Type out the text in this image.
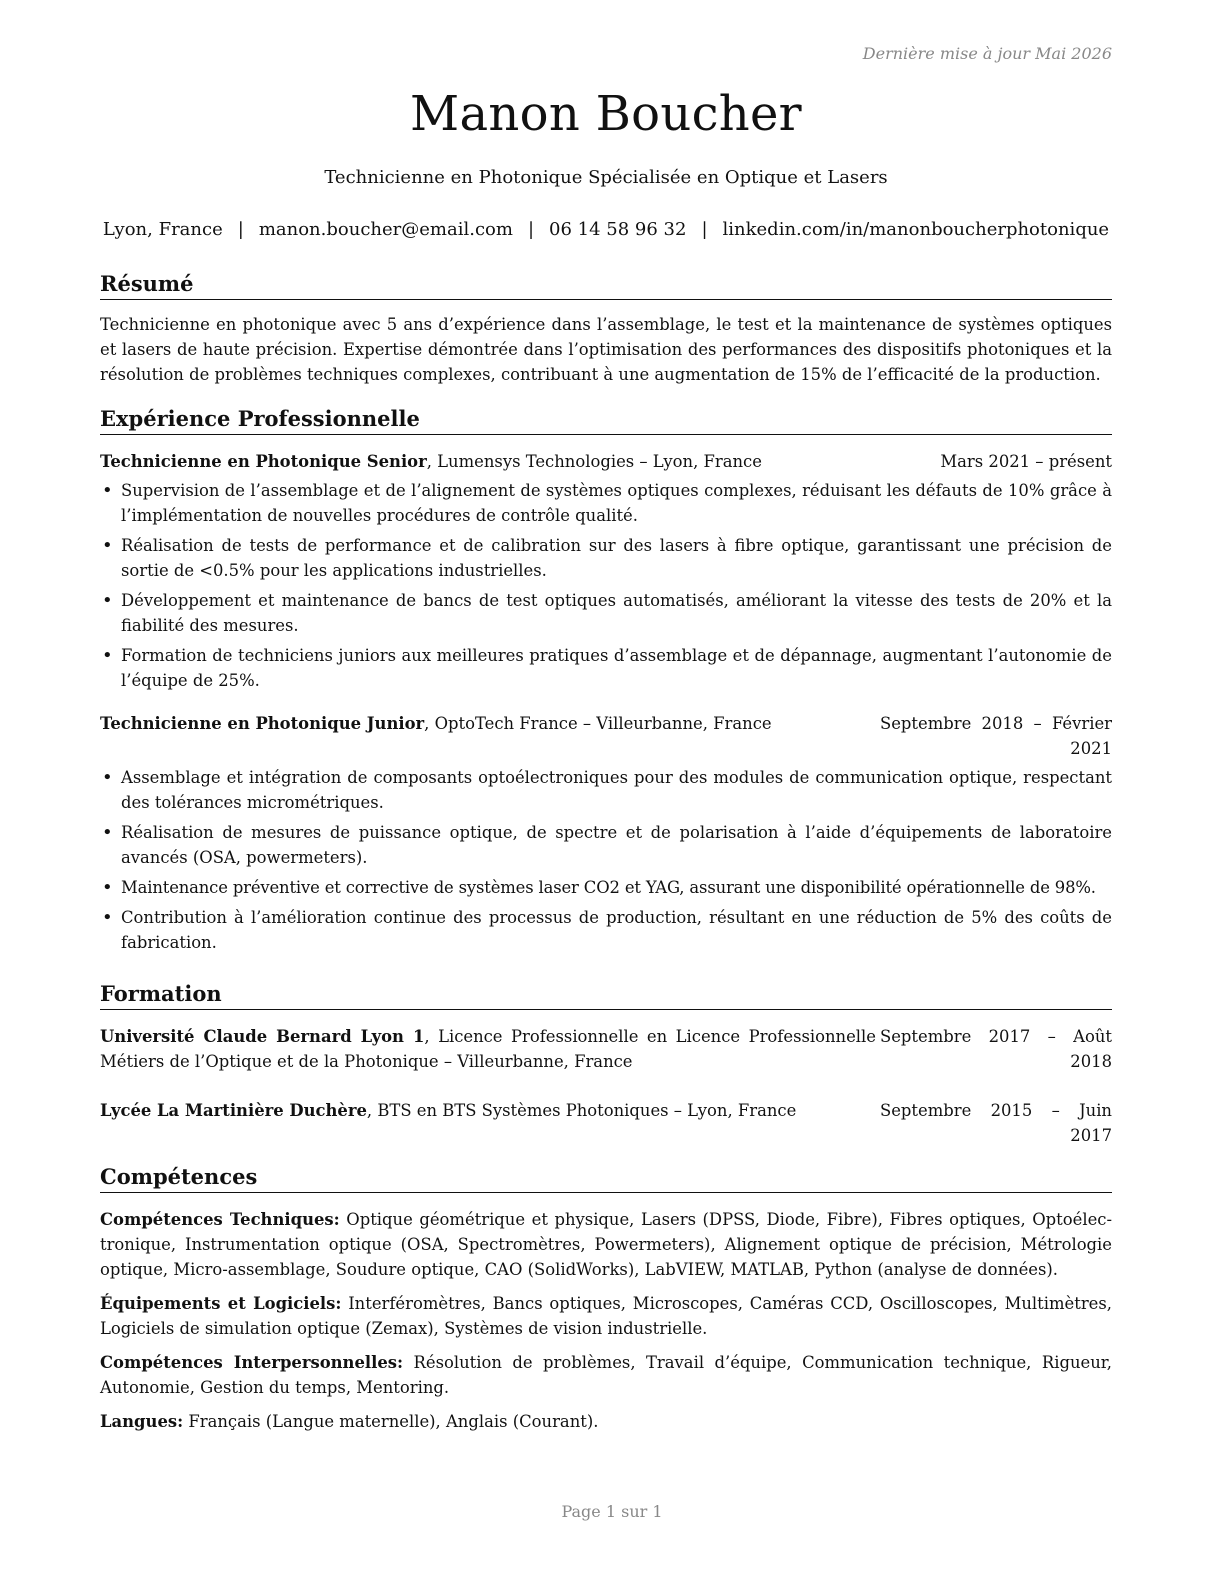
Dernière mise à jour Mai 2026
Manon Boucher
Technicienne en Photonique Spécialisée en Optique et Lasers
Lyon, France | manon.boucher@email.com | 06 14 58 96 32 | linkedin.com/in/manonboucherphotonique
Résumé
Technicienne en photonique avec 5 ans d’expérience dans l’assemblage, le test et la maintenance de systèmes optiques et lasers de haute précision. Expertise démontrée dans l’optimisation des performances des dispositifs photoniques et la résolution de problèmes techniques complexes, contribuant à une augmentation de 15% de l’efficacité de la production.
Expérience Professionnelle
Technicienne en Photonique Senior, Lumensys Technologies – Lyon, France	Mars 2021 – présent
• Supervision de l’assemblage et de l’alignement de systèmes optiques complexes, réduisant les défauts de 10% grâce à l’implémentation de nouvelles procédures de contrôle qualité.
• Réalisation de tests de performance et de calibration sur des lasers à fibre optique, garantissant une précision de sortie de <0.5% pour les applications industrielles.
• Développement et maintenance de bancs de test optiques automatisés, améliorant la vitesse des tests de 20% et la fiabilité des mesures.
• Formation de techniciens juniors aux meilleures pratiques d’assemblage et de dépannage, augmentant l’autonomie de l’équipe de 25%.
Technicienne en Photonique Junior, OptoTech France – Villeurbanne, France	Septembre 2018 – Février 2021
• Assemblage et intégration de composants optoélectroniques pour des modules de communication optique, respectant des tolérances micrométriques.
• Réalisation de mesures de puissance optique, de spectre et de polarisation à l’aide d’équipements de laboratoire avancés (OSA, powermeters).
• Maintenance préventive et corrective de systèmes laser CO2 et YAG, assurant une disponibilité opérationnelle de 98%.
• Contribution à l’amélioration continue des processus de production, résultant en une réduction de 5% des coûts de fabrication.
Formation
Université Claude Bernard Lyon 1, Licence Professionnelle en Licence Professionnelle Métiers de l’Optique et de la Photonique – Villeurbanne, France
Septembre 2017 – Août 2018
Lycée La Martinière Duchère, BTS en BTS Systèmes Photoniques – Lyon, France	Septembre 2015 – Juin 2017
Compétences
Compétences Techniques: Optique géométrique et physique, Lasers (DPSS, Diode, Fibre), Fibres optiques, Optoélectronique, Instrumentation optique (OSA, Spectromètres, Powermeters), Alignement optique de précision, Métrologie optique, Micro-assemblage, Soudure optique, CAO (SolidWorks), LabVIEW, MATLAB, Python (analyse de données).
Équipements et Logiciels: Interféromètres, Bancs optiques, Microscopes, Caméras CCD, Oscilloscopes, Multimètres, Logiciels de simulation optique (Zemax), Systèmes de vision industrielle.
Compétences Interpersonnelles: Résolution de problèmes, Travail d’équipe, Communication technique, Rigueur, Autonomie, Gestion du temps, Mentoring.
Langues: Français (Langue maternelle), Anglais (Courant).
Page 1 sur 1
